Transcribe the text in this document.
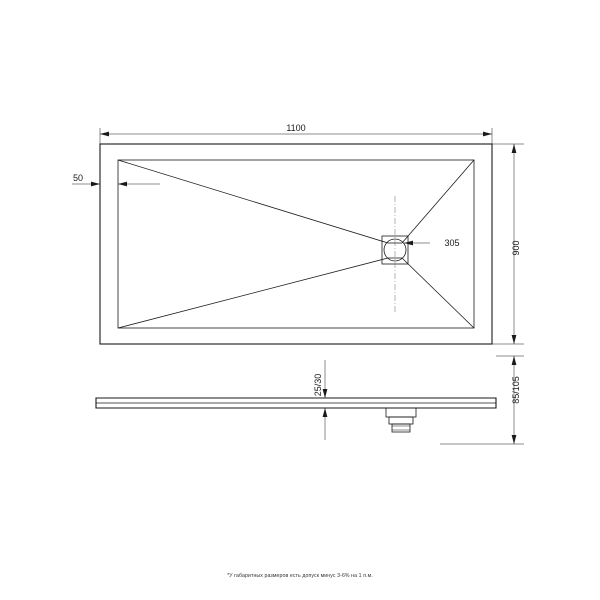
1100
900
50
305
25/30	85/105
*У габаритных размеров есть допуск минус 3-6% на 1 п.м.
